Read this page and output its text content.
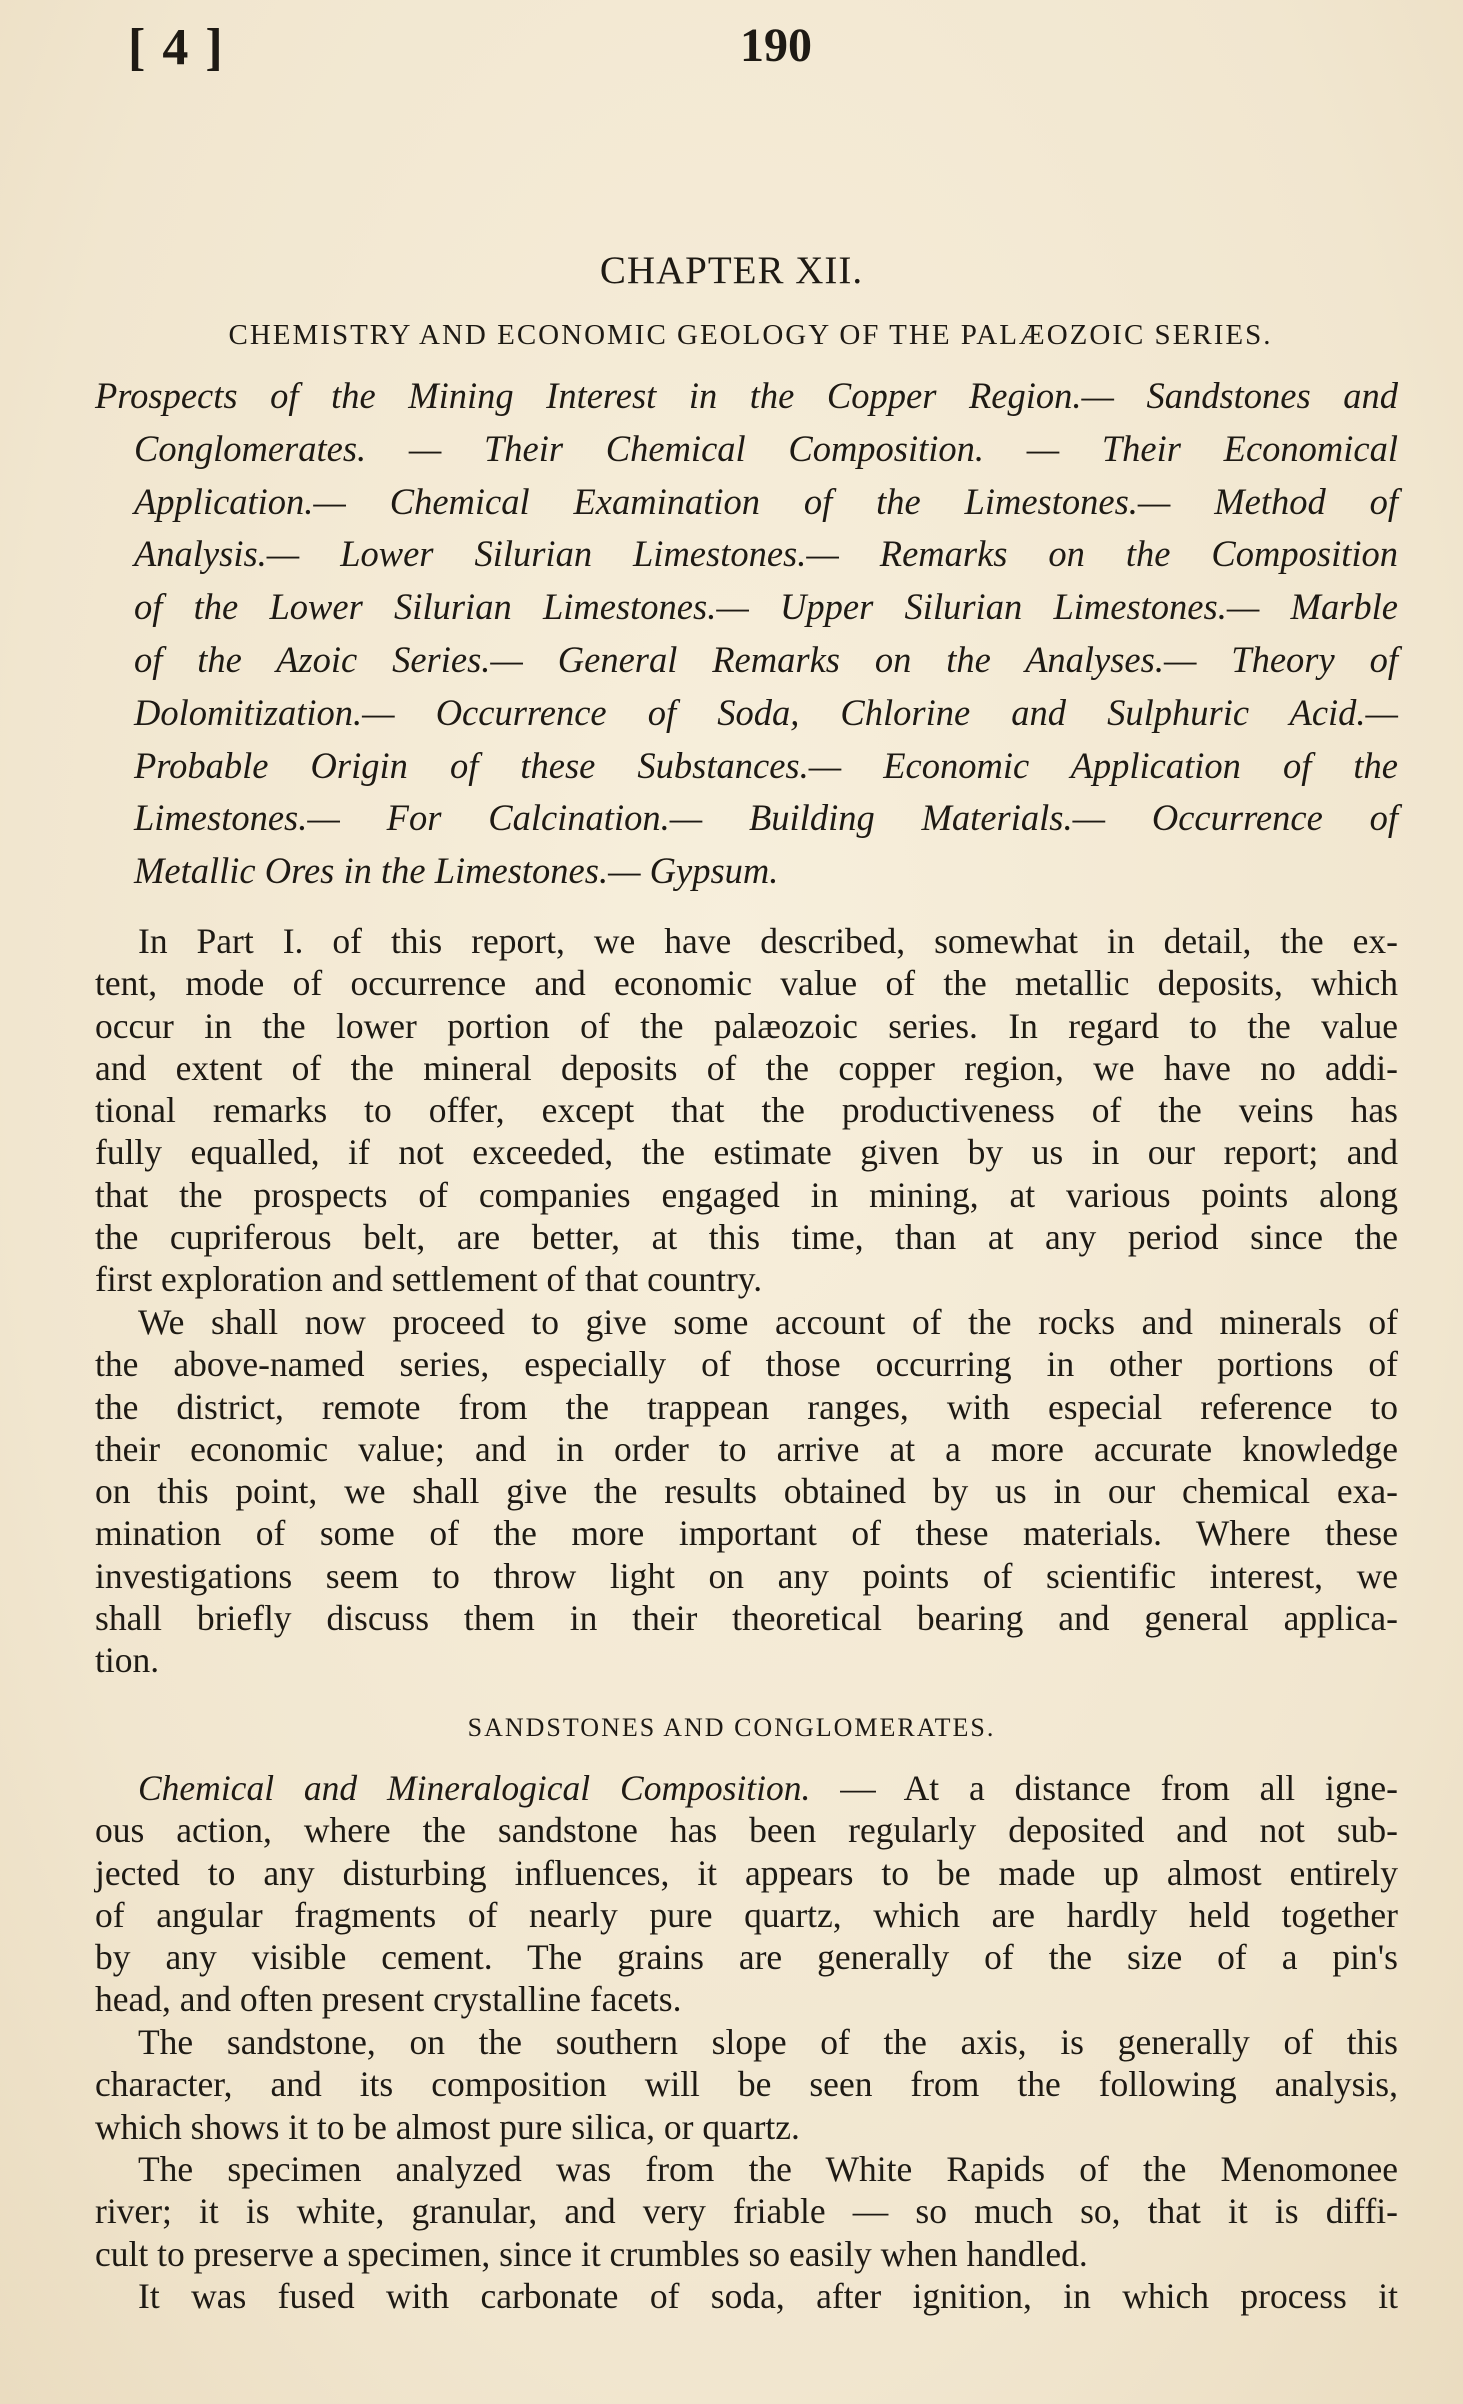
[ 4 ]	190
CHAPTER XII.
CHEMISTRY AND ECONOMIC GEOLOGY OF THE PALÆOZOIC SERIES.
Prospects of the Mining Interest in the Copper Region.— Sandstones and
Conglomerates. — Their Chemical Composition. — Their Economical
Application.— Chemical Examination of the Limestones.— Method of
Analysis.— Lower Silurian Limestones.— Remarks on the Composition
of the Lower Silurian Limestones.— Upper Silurian Limestones.— Marble
of the Azoic Series.— General Remarks on the Analyses.— Theory of
Dolomitization.— Occurrence of Soda, Chlorine and Sulphuric Acid.—
Probable Origin of these Substances.— Economic Application of the
Limestones.— For Calcination.— Building Materials.— Occurrence of
Metallic Ores in the Limestones.— Gypsum.
In Part I. of this report, we have described, somewhat in detail, the ex-
tent, mode of occurrence and economic value of the metallic deposits, which
occur in the lower portion of the palæozoic series. In regard to the value
and extent of the mineral deposits of the copper region, we have no addi-
tional remarks to offer, except that the productiveness of the veins has
fully equalled, if not exceeded, the estimate given by us in our report; and
that the prospects of companies engaged in mining, at various points along
the cupriferous belt, are better, at this time, than at any period since the
first exploration and settlement of that country.
We shall now proceed to give some account of the rocks and minerals of
the above-named series, especially of those occurring in other portions of
the district, remote from the trappean ranges, with especial reference to
their economic value; and in order to arrive at a more accurate knowledge
on this point, we shall give the results obtained by us in our chemical exa-
mination of some of the more important of these materials. Where these
investigations seem to throw light on any points of scientific interest, we
shall briefly discuss them in their theoretical bearing and general applica-
tion.
SANDSTONES AND CONGLOMERATES.
Chemical and Mineralogical Composition. — At a distance from all igne-
ous action, where the sandstone has been regularly deposited and not sub-
jected to any disturbing influences, it appears to be made up almost entirely
of angular fragments of nearly pure quartz, which are hardly held together
by any visible cement. The grains are generally of the size of a pin's
head, and often present crystalline facets.
The sandstone, on the southern slope of the axis, is generally of this
character, and its composition will be seen from the following analysis,
which shows it to be almost pure silica, or quartz.
The specimen analyzed was from the White Rapids of the Menomonee
river; it is white, granular, and very friable — so much so, that it is diffi-
cult to preserve a specimen, since it crumbles so easily when handled.
It was fused with carbonate of soda, after ignition, in which process it
